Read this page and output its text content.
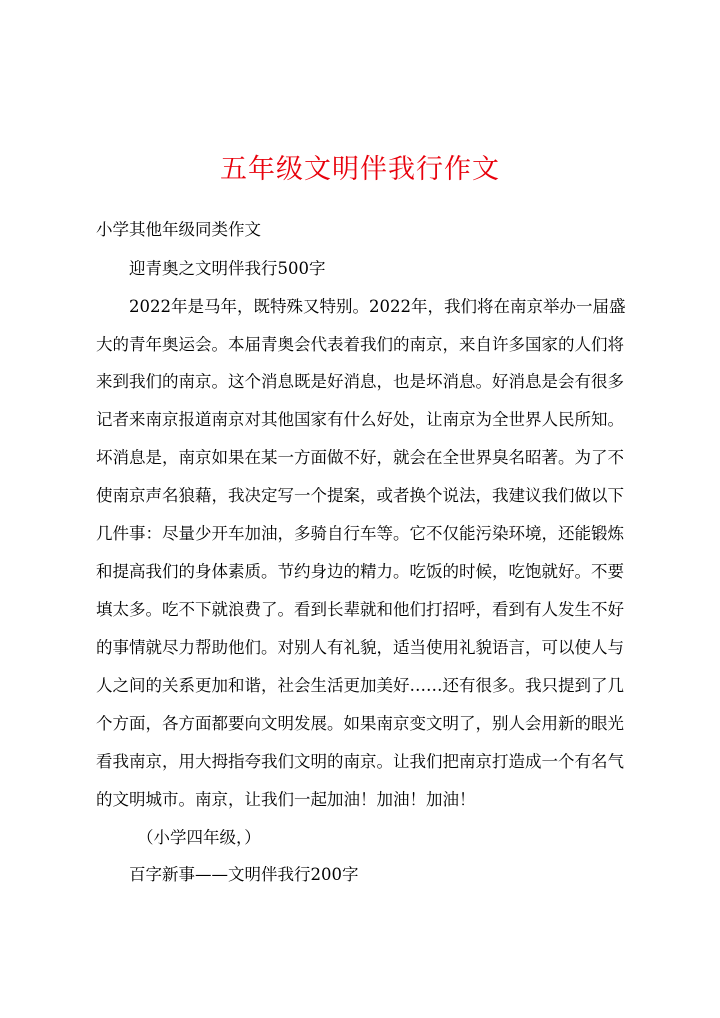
五年级文明伴我行作文
小学其他年级同类作文
迎青奥之文明伴我行500字
2022年是马年，既特殊又特别。2022年，我们将在南京举办一届盛
大的青年奥运会。本届青奥会代表着我们的南京，来自许多国家的人们将
来到我们的南京。这个消息既是好消息，也是坏消息。好消息是会有很多
记者来南京报道南京对其他国家有什么好处，让南京为全世界人民所知。
坏消息是，南京如果在某一方面做不好，就会在全世界臭名昭著。为了不
使南京声名狼藉，我决定写一个提案，或者换个说法，我建议我们做以下
几件事：尽量少开车加油，多骑自行车等。它不仅能污染环境，还能锻炼
和提高我们的身体素质。节约身边的精力。吃饭的时候，吃饱就好。不要
填太多。吃不下就浪费了。看到长辈就和他们打招呼，看到有人发生不好
的事情就尽力帮助他们。对别人有礼貌，适当使用礼貌语言，可以使人与
人之间的关系更加和谐，社会生活更加美好……还有很多。我只提到了几
个方面，各方面都要向文明发展。如果南京变文明了，别人会用新的眼光
看我南京，用大拇指夸我们文明的南京。让我们把南京打造成一个有名气
的文明城市。南京，让我们一起加油！加油！加油！
（小学四年级，）
百字新事——文明伴我行200字
